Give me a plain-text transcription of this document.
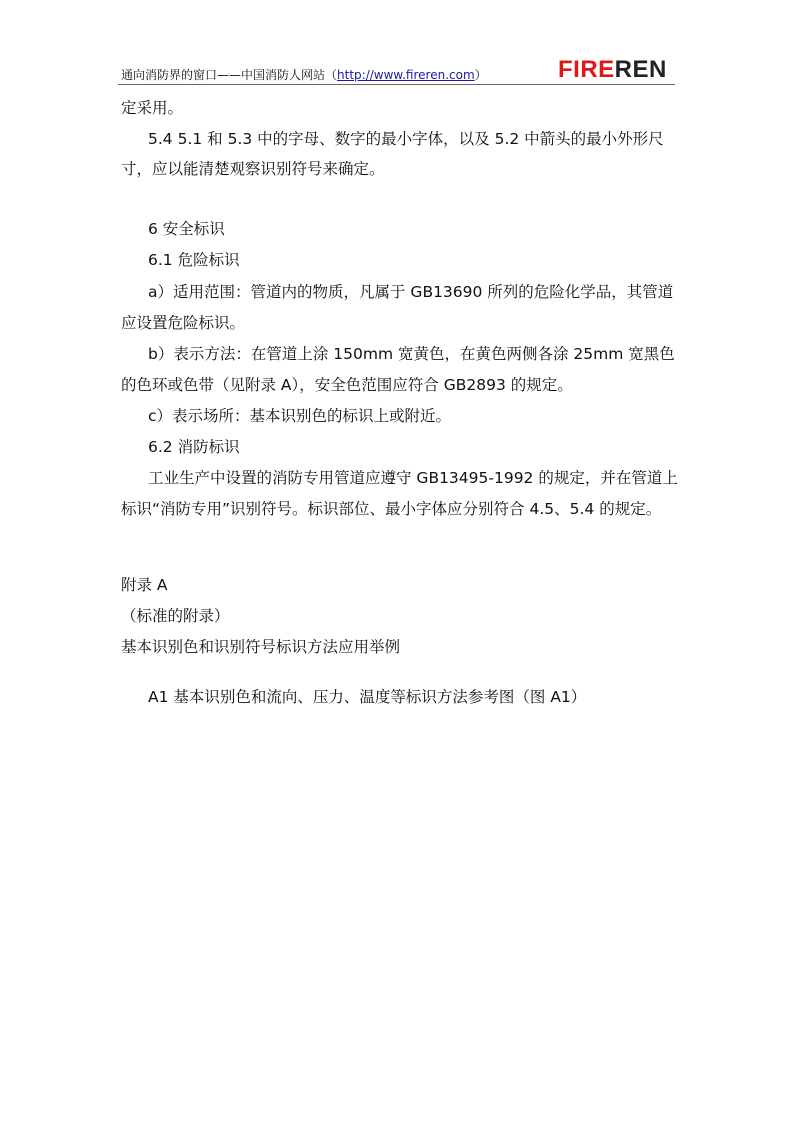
通向消防界的窗口——中国消防人网站（http://www.fireren.com）	FIREREN
定采用。
5.4 5.1 和 5.3 中的字母、数字的最小字体，以及 5.2 中箭头的最小外形尺
寸，应以能清楚观察识别符号来确定。
6 安全标识
6.1 危险标识
a）适用范围：管道内的物质，凡属于 GB13690 所列的危险化学品，其管道
应设置危险标识。
b）表示方法：在管道上涂 150mm 宽黄色，在黄色两侧各涂 25mm 宽黑色
的色环或色带（见附录 A），安全色范围应符合 GB2893 的规定。
c）表示场所：基本识别色的标识上或附近。
6.2 消防标识
工业生产中设置的消防专用管道应遵守 GB13495-1992 的规定，并在管道上
标识“消防专用”识别符号。标识部位、最小字体应分别符合 4.5、5.4 的规定。
附录 A
（标准的附录）
基本识别色和识别符号标识方法应用举例
A1 基本识别色和流向、压力、温度等标识方法参考图（图 A1）
